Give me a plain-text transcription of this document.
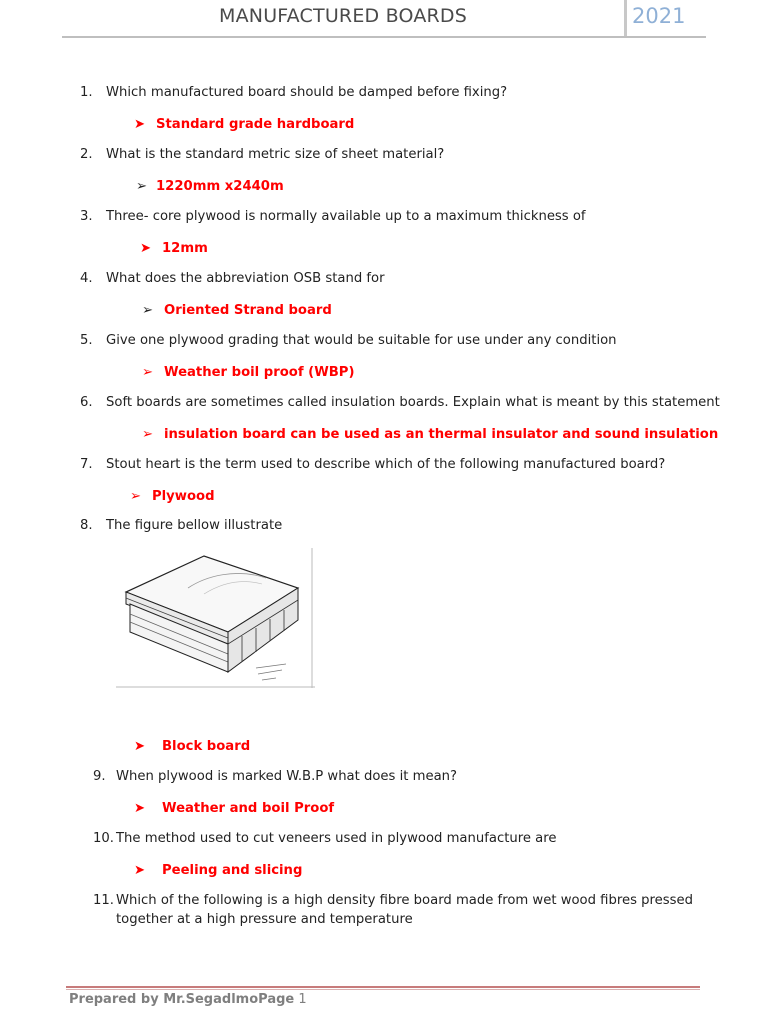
MANUFACTURED BOARDS	2021
1. Which manufactured board should be damped before fixing?
➤ Standard grade hardboard
2. What is the standard metric size of sheet material?
➢ 1220mm x2440m
3. Three- core plywood is normally available up to a maximum thickness of
➤ 12mm
4. What does the abbreviation OSB stand for
➢ Oriented Strand board
5. Give one plywood grading that would be suitable for use under any condition
➢ Weather boil proof (WBP)
6. Soft boards are sometimes called insulation boards. Explain what is meant by this statement
➢ insulation board can be used as an thermal insulator and sound insulation
7. Stout heart is the term used to describe which of the following manufactured board?
➢ Plywood
8. The figure bellow illustrate
➤ Block board
9. When plywood is marked W.B.P what does it mean?
➤ Weather and boil Proof
10. The method used to cut veneers used in plywood manufacture are
➤ Peeling and slicing
11. Which of the following is a high density fibre board made from wet wood fibres pressed
together at a high pressure and temperature
Prepared by Mr.SegadlmoPage 1
